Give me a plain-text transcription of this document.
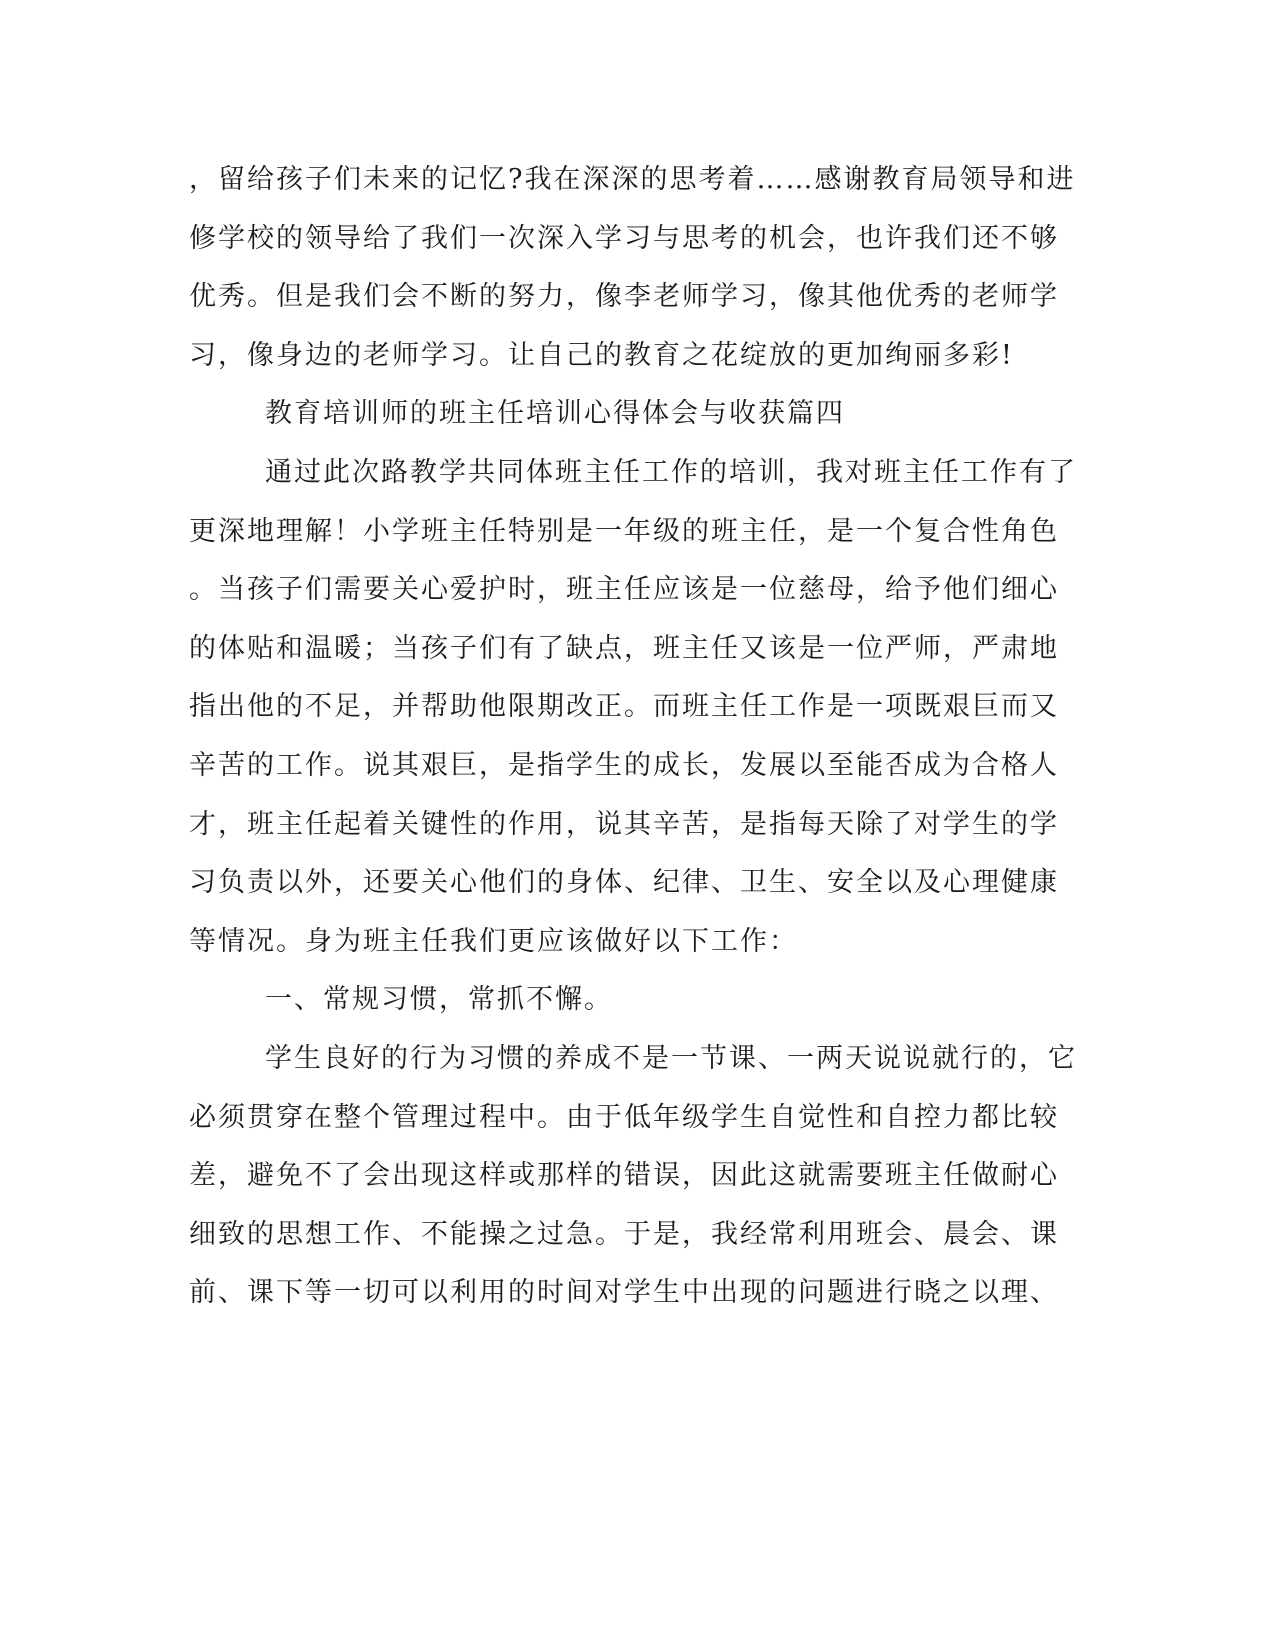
，留给孩子们未来的记忆?我在深深的思考着……感谢教育局领导和进
修学校的领导给了我们一次深入学习与思考的机会，也许我们还不够
优秀。但是我们会不断的努力，像李老师学习，像其他优秀的老师学
习，像身边的老师学习。让自己的教育之花绽放的更加绚丽多彩!
教育培训师的班主任培训心得体会与收获篇四
通过此次路教学共同体班主任工作的培训，我对班主任工作有了
更深地理解！小学班主任特别是一年级的班主任，是一个复合性角色
。当孩子们需要关心爱护时，班主任应该是一位慈母，给予他们细心
的体贴和温暖；当孩子们有了缺点，班主任又该是一位严师，严肃地
指出他的不足，并帮助他限期改正。而班主任工作是一项既艰巨而又
辛苦的工作。说其艰巨，是指学生的成长，发展以至能否成为合格人
才，班主任起着关键性的作用，说其辛苦，是指每天除了对学生的学
习负责以外，还要关心他们的身体、纪律、卫生、安全以及心理健康
等情况。身为班主任我们更应该做好以下工作：
一、常规习惯，常抓不懈。
学生良好的行为习惯的养成不是一节课、一两天说说就行的，它
必须贯穿在整个管理过程中。由于低年级学生自觉性和自控力都比较
差，避免不了会出现这样或那样的错误，因此这就需要班主任做耐心
细致的思想工作、不能操之过急。于是，我经常利用班会、晨会、课
前、课下等一切可以利用的时间对学生中出现的问题进行晓之以理、
